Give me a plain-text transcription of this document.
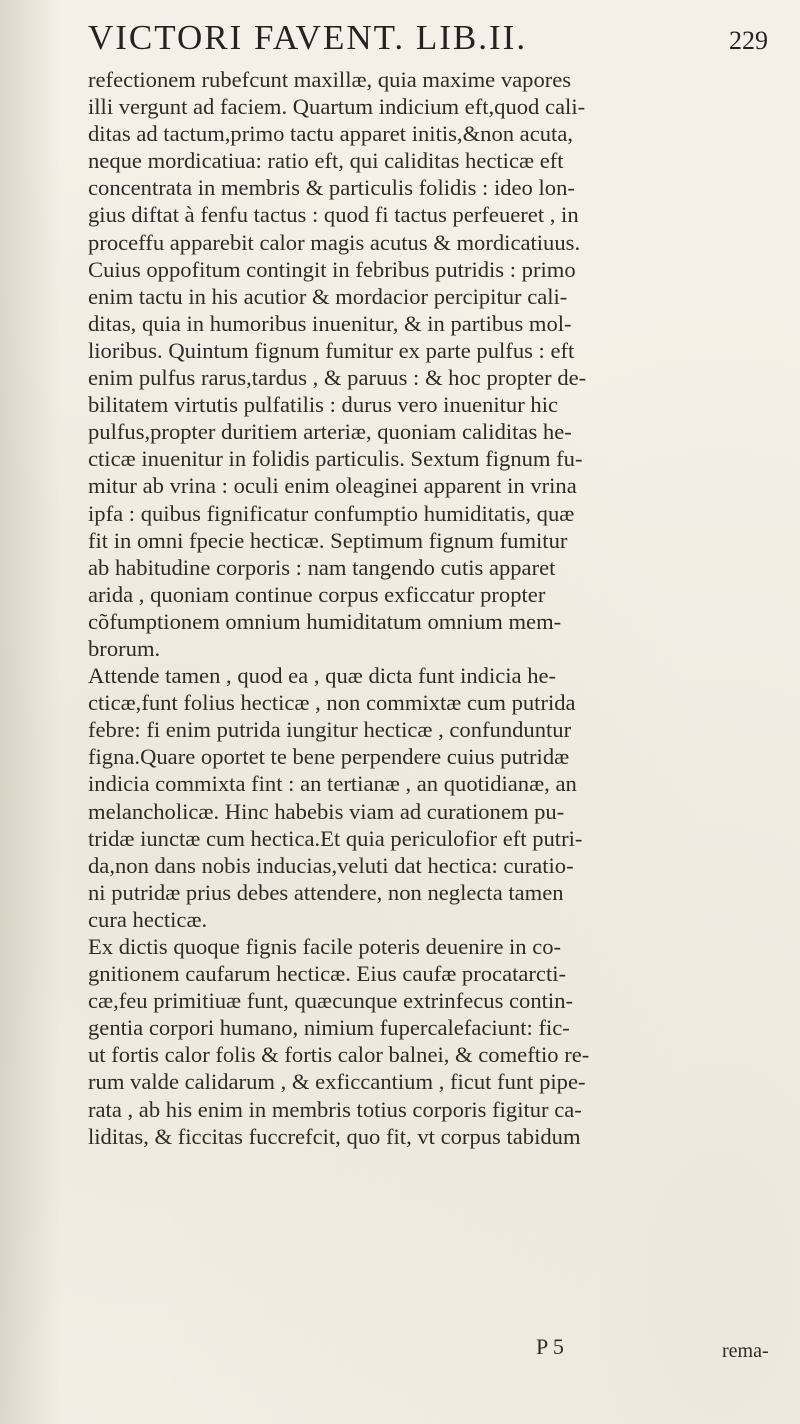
VICTORI FAVENT. LIB.II.	229
refectionem rubefcunt maxillæ, quia maxime vapores
illi vergunt ad faciem. Quartum indicium eft,quod cali-
ditas ad tactum,primo tactu apparet initis,&non acuta,
neque mordicatiua: ratio eft, qui caliditas hecticæ eft
concentrata in membris & particulis folidis : ideo lon-
gius diftat à fenfu tactus : quod fi tactus perfeueret , in
proceffu apparebit calor magis acutus & mordicatiuus.
Cuius oppofitum contingit in febribus putridis : primo
enim tactu in his acutior & mordacior percipitur cali-
ditas, quia in humoribus inuenitur, & in partibus mol-
lioribus. Quintum fignum fumitur ex parte pulfus : eft
enim pulfus rarus,tardus , & paruus : & hoc propter de-
bilitatem virtutis pulfatilis : durus vero inuenitur hic
pulfus,propter duritiem arteriæ, quoniam caliditas he-
cticæ inuenitur in folidis particulis. Sextum fignum fu-
mitur ab vrina : oculi enim oleaginei apparent in vrina
ipfa : quibus fignificatur confumptio humiditatis, quæ
fit in omni fpecie hecticæ. Septimum fignum fumitur
ab habitudine corporis : nam tangendo cutis apparet
arida , quoniam continue corpus exficcatur propter
cõfumptionem omnium humiditatum omnium mem-
brorum.
Attende tamen , quod ea , quæ dicta funt indicia he-
cticæ,funt folius hecticæ , non commixtæ cum putrida
febre: fi enim putrida iungitur hecticæ , confunduntur
figna.Quare oportet te bene perpendere cuius putridæ
indicia commixta fint : an tertianæ , an quotidianæ, an
melancholicæ. Hinc habebis viam ad curationem pu-
tridæ iunctæ cum hectica.Et quia periculofior eft putri-
da,non dans nobis inducias,veluti dat hectica: curatio-
ni putridæ prius debes attendere, non neglecta tamen
cura hecticæ.
Ex dictis quoque fignis facile poteris deuenire in co-
gnitionem caufarum hecticæ. Eius caufæ procatarcti-
cæ,feu primitiuæ funt, quæcunque extrinfecus contin-
gentia corpori humano, nimium fupercalefaciunt: fic-
ut fortis calor folis & fortis calor balnei, & comeftio re-
rum valde calidarum , & exficcantium , ficut funt pipe-
rata , ab his enim in membris totius corporis figitur ca-
liditas, & ficcitas fuccrefcit, quo fit, vt corpus tabidum
P 5	rema-
